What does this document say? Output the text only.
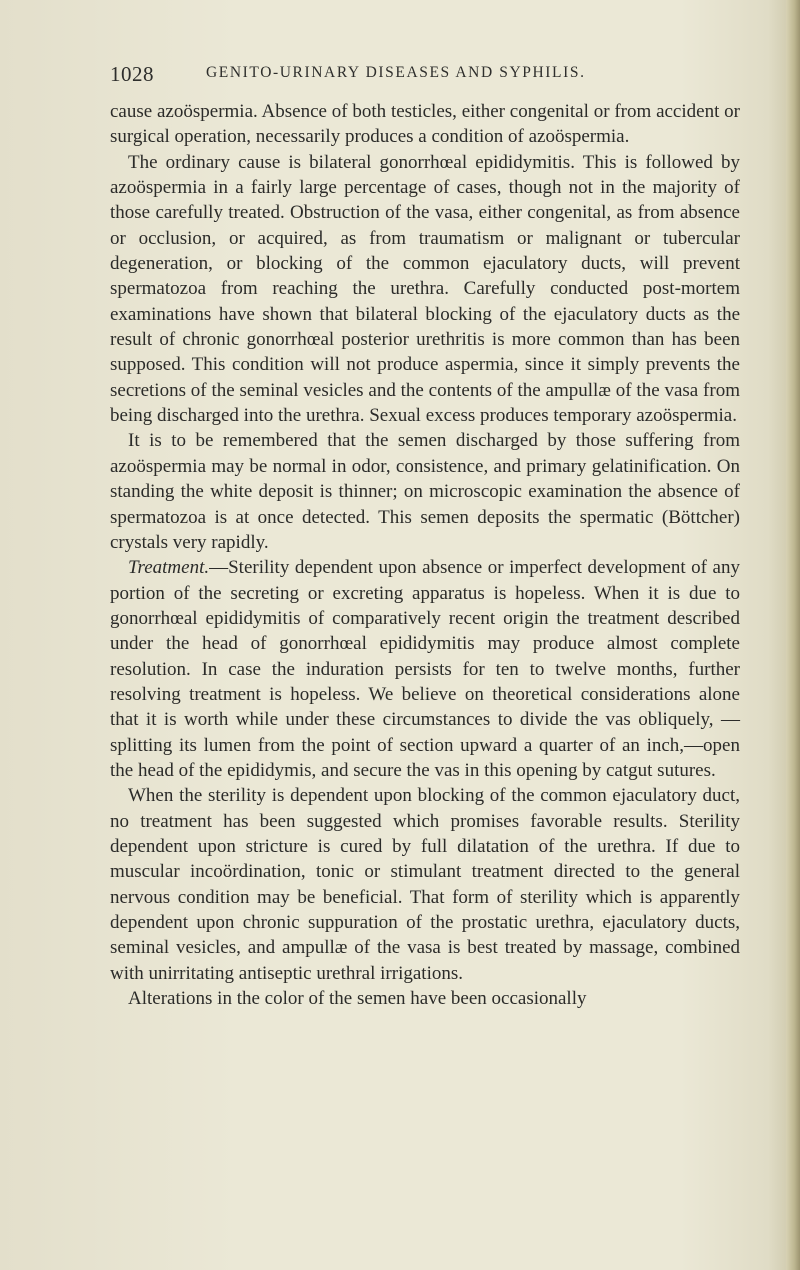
1028	GENITO-URINARY DISEASES AND SYPHILIS.

cause azoöspermia. Absence of both testicles, either congenital or from accident or surgical operation, necessarily produces a condition of azoöspermia.

The ordinary cause is bilateral gonorrhœal epididymitis. This is followed by azoöspermia in a fairly large percentage of cases, though not in the majority of those carefully treated. Obstruction of the vasa, either congenital, as from absence or occlusion, or acquired, as from traumatism or malignant or tubercular degeneration, or blocking of the common ejaculatory ducts, will prevent spermatozoa from reaching the urethra. Carefully conducted post-mortem examinations have shown that bilateral blocking of the ejaculatory ducts as the result of chronic gonorrhœal posterior urethritis is more common than has been supposed. This condition will not produce aspermia, since it simply prevents the secretions of the seminal vesicles and the contents of the ampullæ of the vasa from being discharged into the urethra. Sexual excess produces temporary azoöspermia.

It is to be remembered that the semen discharged by those suffering from azoöspermia may be normal in odor, consistence, and primary gelatinification. On standing the white deposit is thinner; on microscopic examination the absence of spermatozoa is at once detected. This semen deposits the spermatic (Böttcher) crystals very rapidly.

Treatment.—Sterility dependent upon absence or imperfect development of any portion of the secreting or excreting apparatus is hopeless. When it is due to gonorrhœal epididymitis of comparatively recent origin the treatment described under the head of gonorrhœal epididymitis may produce almost complete resolution. In case the induration persists for ten to twelve months, further resolving treatment is hopeless. We believe on theoretical considerations alone that it is worth while under these circumstances to divide the vas obliquely, —splitting its lumen from the point of section upward a quarter of an inch,—open the head of the epididymis, and secure the vas in this opening by catgut sutures.

When the sterility is dependent upon blocking of the common ejaculatory duct, no treatment has been suggested which promises favorable results. Sterility dependent upon stricture is cured by full dilatation of the urethra. If due to muscular incoördination, tonic or stimulant treatment directed to the general nervous condition may be beneficial. That form of sterility which is apparently dependent upon chronic suppuration of the prostatic urethra, ejaculatory ducts, seminal vesicles, and ampullæ of the vasa is best treated by massage, combined with unirritating antiseptic urethral irrigations.

Alterations in the color of the semen have been occasionally
